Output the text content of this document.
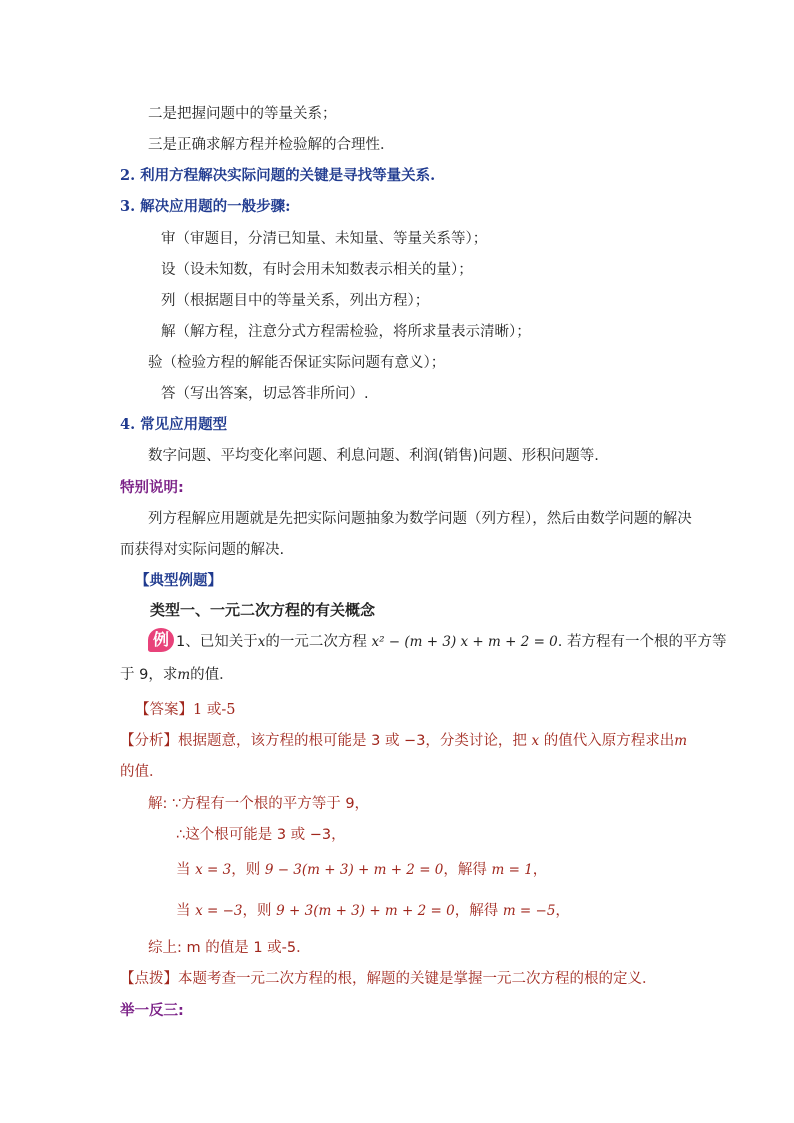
二是把握问题中的等量关系；
三是正确求解方程并检验解的合理性．
2. 利用方程解决实际问题的关键是寻找等量关系.
3. 解决应用题的一般步骤:
审（审题目，分清已知量、未知量、等量关系等）；
设（设未知数，有时会用未知数表示相关的量）；
列（根据题目中的等量关系，列出方程）；
解（解方程，注意分式方程需检验，将所求量表示清晰）；
验（检验方程的解能否保证实际问题有意义）；
答（写出答案，切忌答非所问）.
4. 常见应用题型
数字问题、平均变化率问题、利息问题、利润(销售)问题、形积问题等.
特别说明:
列方程解应用题就是先把实际问题抽象为数学问题（列方程），然后由数学问题的解决
而获得对实际问题的解决.
【典型例题】
类型一、一元二次方程的有关概念
例 1、已知关于x的一元二次方程 x² − (m + 3) x + m + 2 = 0. 若方程有一个根的平方等
于 9，求m的值．
【答案】1 或-5
【分析】根据题意，该方程的根可能是 3 或 −3，分类讨论，把 x 的值代入原方程求出m
的值．
解: ∵方程有一个根的平方等于 9，
∴这个根可能是 3 或 −3，
当 x = 3，则 9 − 3(m + 3) + m + 2 = 0，解得 m = 1，
当 x = −3，则 9 + 3(m + 3) + m + 2 = 0，解得 m = −5，
综上: m 的值是 1 或-5．
【点拨】本题考查一元二次方程的根，解题的关键是掌握一元二次方程的根的定义．
举一反三:
